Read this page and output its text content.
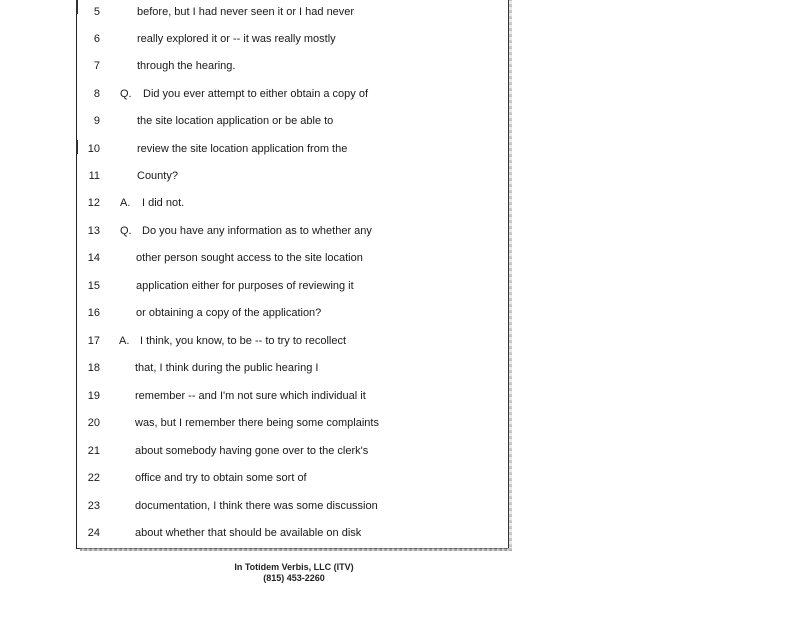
5	before, but I had never seen it or I had never
6	really explored it or -- it was really mostly
7	through the hearing.
8 Q. Did you ever attempt to either obtain a copy of
9	the site location application or be able to
10	review the site location application from the
11	County?
12 A. I did not.
13 Q. Do you have any information as to whether any
14	other person sought access to the site location
15	application either for purposes of reviewing it
16	or obtaining a copy of the application?
17 A. I think, you know, to be -- to try to recollect
18	that, I think during the public hearing I
19	remember -- and I'm not sure which individual it
20	was, but I remember there being some complaints
21	about somebody having gone over to the clerk's
22	office and try to obtain some sort of
23	documentation, I think there was some discussion
24	about whether that should be available on disk
In Totidem Verbis, LLC (ITV)
(815) 453-2260
